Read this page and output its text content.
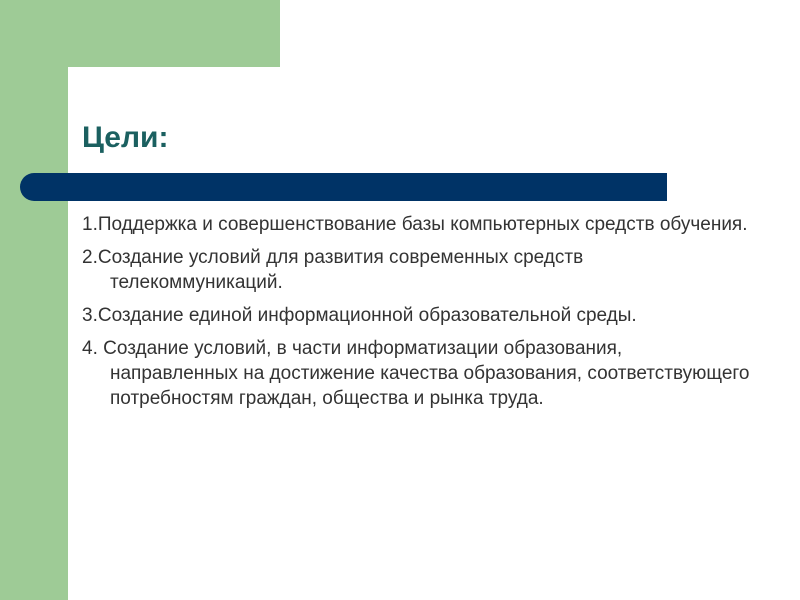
Цели:
1.Поддержка и совершенствование базы компьютерных средств обучения.
2.Создание условий для развития современных средств телекоммуникаций.
3.Создание единой информационной образовательной среды.
4. Создание условий, в части информатизации образования, направленных на достижение качества образования, соответствующего потребностям граждан, общества и рынка труда.
